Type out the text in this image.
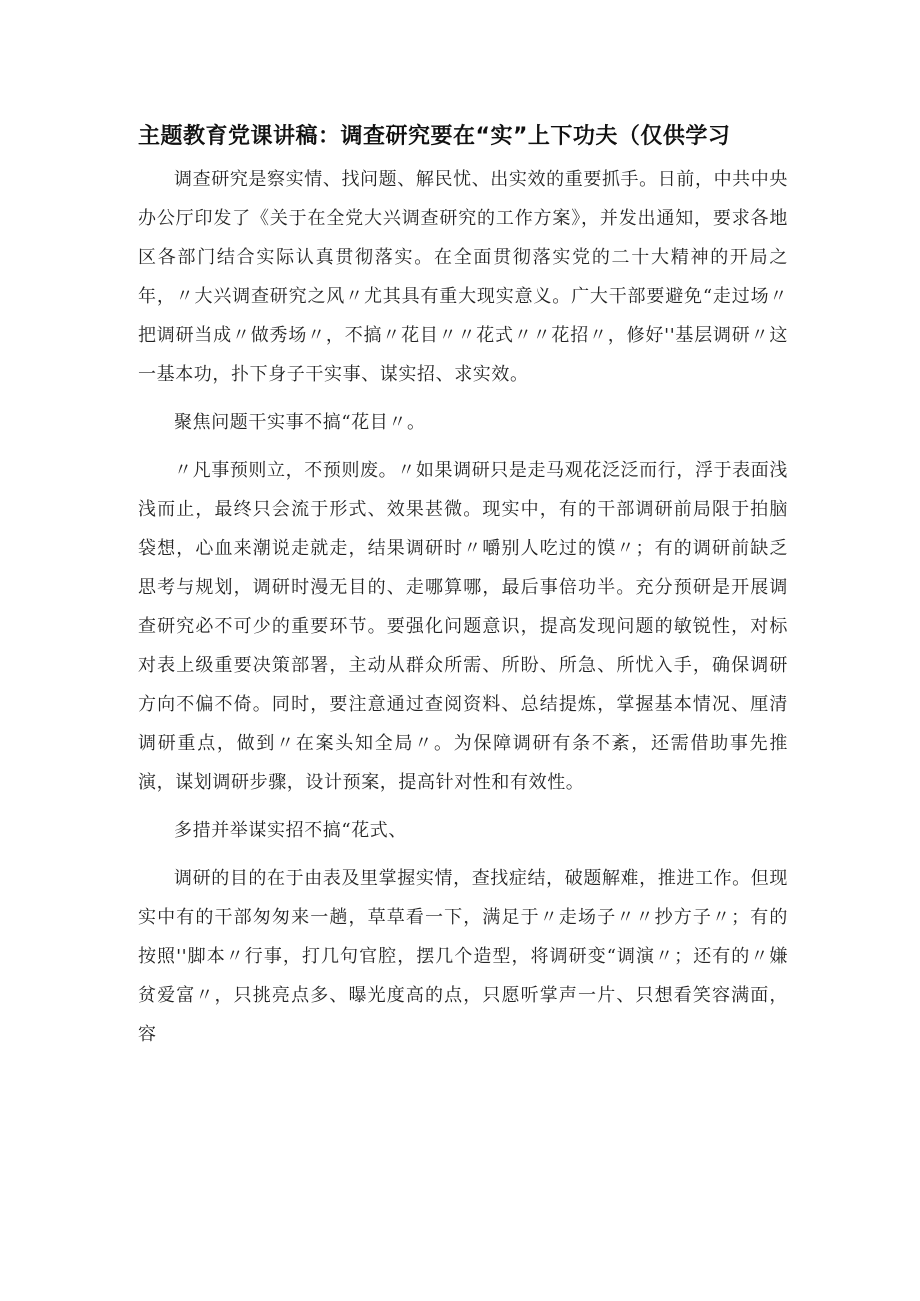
主题教育党课讲稿：调查研究要在“实”上下功夫（仅供学习

调查研究是察实情、找问题、解民忧、出实效的重要抓手。日前，中共中央办公厅印发了《关于在全党大兴调查研究的工作方案》，并发出通知，要求各地区各部门结合实际认真贯彻落实。在全面贯彻落实党的二十大精神的开局之年，〃大兴调查研究之风〃尤其具有重大现实意义。广大干部要避免“走过场〃把调研当成〃做秀场〃，不搞〃花目〃〃花式〃〃花招〃，修好''基层调研〃这一基本功，扑下身子干实事、谋实招、求实效。

聚焦问题干实事不搞“花目〃。

〃凡事预则立，不预则废。〃如果调研只是走马观花泛泛而行，浮于表面浅浅而止，最终只会流于形式、效果甚微。现实中，有的干部调研前局限于拍脑袋想，心血来潮说走就走，结果调研时〃嚼别人吃过的馍〃；有的调研前缺乏思考与规划，调研时漫无目的、走哪算哪，最后事倍功半。充分预研是开展调查研究必不可少的重要环节。要强化问题意识，提高发现问题的敏锐性，对标对表上级重要决策部署，主动从群众所需、所盼、所急、所忧入手，确保调研方向不偏不倚。同时，要注意通过查阅资料、总结提炼，掌握基本情况、厘清调研重点，做到〃在案头知全局〃。为保障调研有条不紊，还需借助事先推演，谋划调研步骤，设计预案，提高针对性和有效性。

多措并举谋实招不搞“花式、

调研的目的在于由表及里掌握实情，查找症结，破题解难，推进工作。但现实中有的干部匆匆来一趟，草草看一下，满足于〃走场子〃〃抄方子〃；有的按照''脚本〃行事，打几句官腔，摆几个造型，将调研变“调演〃；还有的〃嫌贫爱富〃，只挑亮点多、曝光度高的点，只愿听掌声一片、只想看笑容满面，容
